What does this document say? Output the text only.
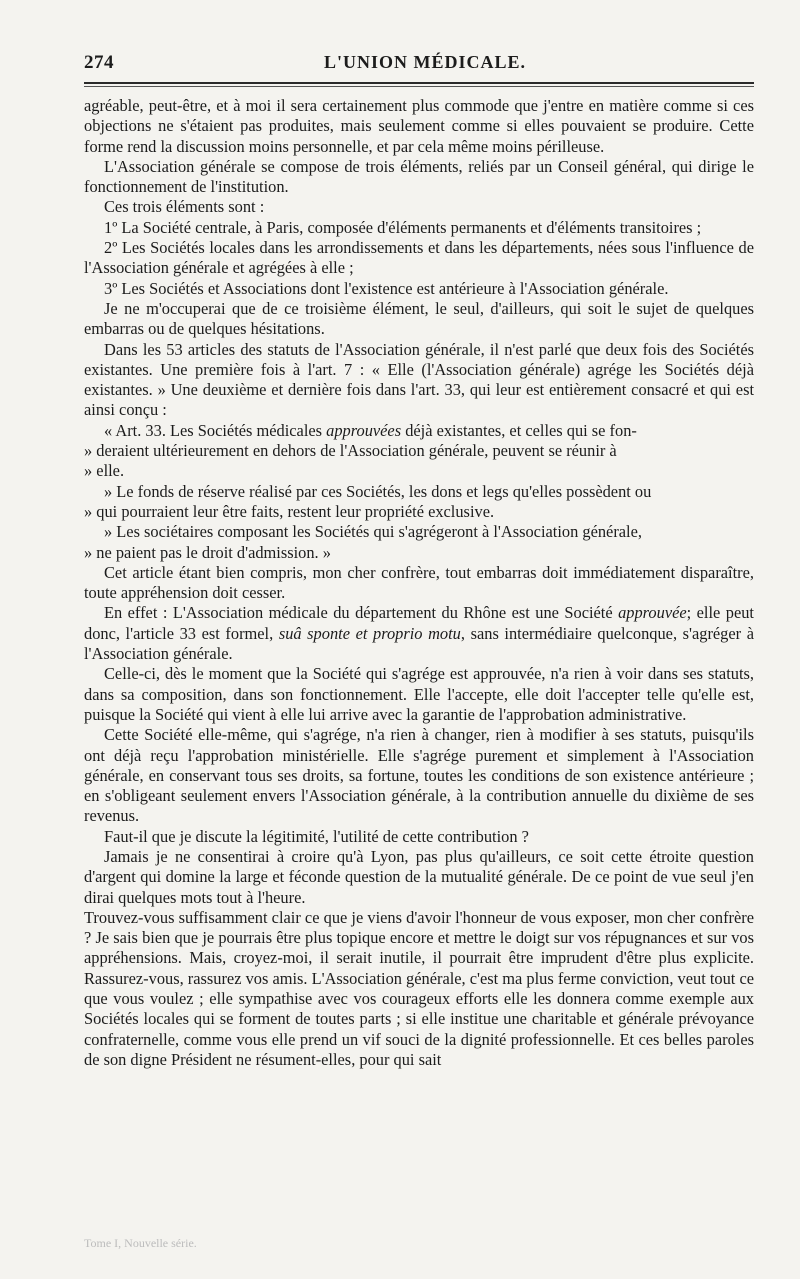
274	L'UNION MÉDICALE.

agréable, peut-être, et à moi il sera certainement plus commode que j'entre en matière comme si ces objections ne s'étaient pas produites, mais seulement comme si elles pouvaient se produire. Cette forme rend la discussion moins personnelle, et par cela même moins périlleuse.

L'Association générale se compose de trois éléments, reliés par un Conseil général, qui dirige le fonctionnement de l'institution.

Ces trois éléments sont :

1º La Société centrale, à Paris, composée d'éléments permanents et d'éléments transitoires ;

2º Les Sociétés locales dans les arrondissements et dans les départements, nées sous l'influence de l'Association générale et agrégées à elle ;

3º Les Sociétés et Associations dont l'existence est antérieure à l'Association générale.

Je ne m'occuperai que de ce troisième élément, le seul, d'ailleurs, qui soit le sujet de quelques embarras ou de quelques hésitations.

Dans les 53 articles des statuts de l'Association générale, il n'est parlé que deux fois des Sociétés existantes. Une première fois à l'art. 7 : « Elle (l'Association générale) agrége les Sociétés déjà existantes. » Une deuxième et dernière fois dans l'art. 33, qui leur est entièrement consacré et qui est ainsi conçu :

« Art. 33. Les Sociétés médicales approuvées déjà existantes, et celles qui se fon-

» deraient ultérieurement en dehors de l'Association générale, peuvent se réunir à

» elle.

» Le fonds de réserve réalisé par ces Sociétés, les dons et legs qu'elles possèdent ou

» qui pourraient leur être faits, restent leur propriété exclusive.

» Les sociétaires composant les Sociétés qui s'agrégeront à l'Association générale,

» ne paient pas le droit d'admission. »

Cet article étant bien compris, mon cher confrère, tout embarras doit immédiatement disparaître, toute appréhension doit cesser.

En effet : L'Association médicale du département du Rhône est une Société approuvée; elle peut donc, l'article 33 est formel, suâ sponte et proprio motu, sans intermédiaire quelconque, s'agréger à l'Association générale.

Celle-ci, dès le moment que la Société qui s'agrége est approuvée, n'a rien à voir dans ses statuts, dans sa composition, dans son fonctionnement. Elle l'accepte, elle doit l'accepter telle qu'elle est, puisque la Société qui vient à elle lui arrive avec la garantie de l'approbation administrative.

Cette Société elle-même, qui s'agrége, n'a rien à changer, rien à modifier à ses statuts, puisqu'ils ont déjà reçu l'approbation ministérielle. Elle s'agrége purement et simplement à l'Association générale, en conservant tous ses droits, sa fortune, toutes les conditions de son existence antérieure ; en s'obligeant seulement envers l'Association générale, à la contribution annuelle du dixième de ses revenus.

Faut-il que je discute la légitimité, l'utilité de cette contribution ?

Jamais je ne consentirai à croire qu'à Lyon, pas plus qu'ailleurs, ce soit cette étroite question d'argent qui domine la large et féconde question de la mutualité générale. De ce point de vue seul j'en dirai quelques mots tout à l'heure.

Trouvez-vous suffisamment clair ce que je viens d'avoir l'honneur de vous exposer, mon cher confrère ? Je sais bien que je pourrais être plus topique encore et mettre le doigt sur vos répugnances et sur vos appréhensions. Mais, croyez-moi, il serait inutile, il pourrait être imprudent d'être plus explicite. Rassurez-vous, rassurez vos amis. L'Association générale, c'est ma plus ferme conviction, veut tout ce que vous voulez ; elle sympathise avec vos courageux efforts elle les donnera comme exemple aux Sociétés locales qui se forment de toutes parts ; si elle institue une charitable et générale prévoyance confraternelle, comme vous elle prend un vif souci de la dignité professionnelle. Et ces belles paroles de son digne Président ne résument-elles, pour qui sait

Tome I, Nouvelle série.
